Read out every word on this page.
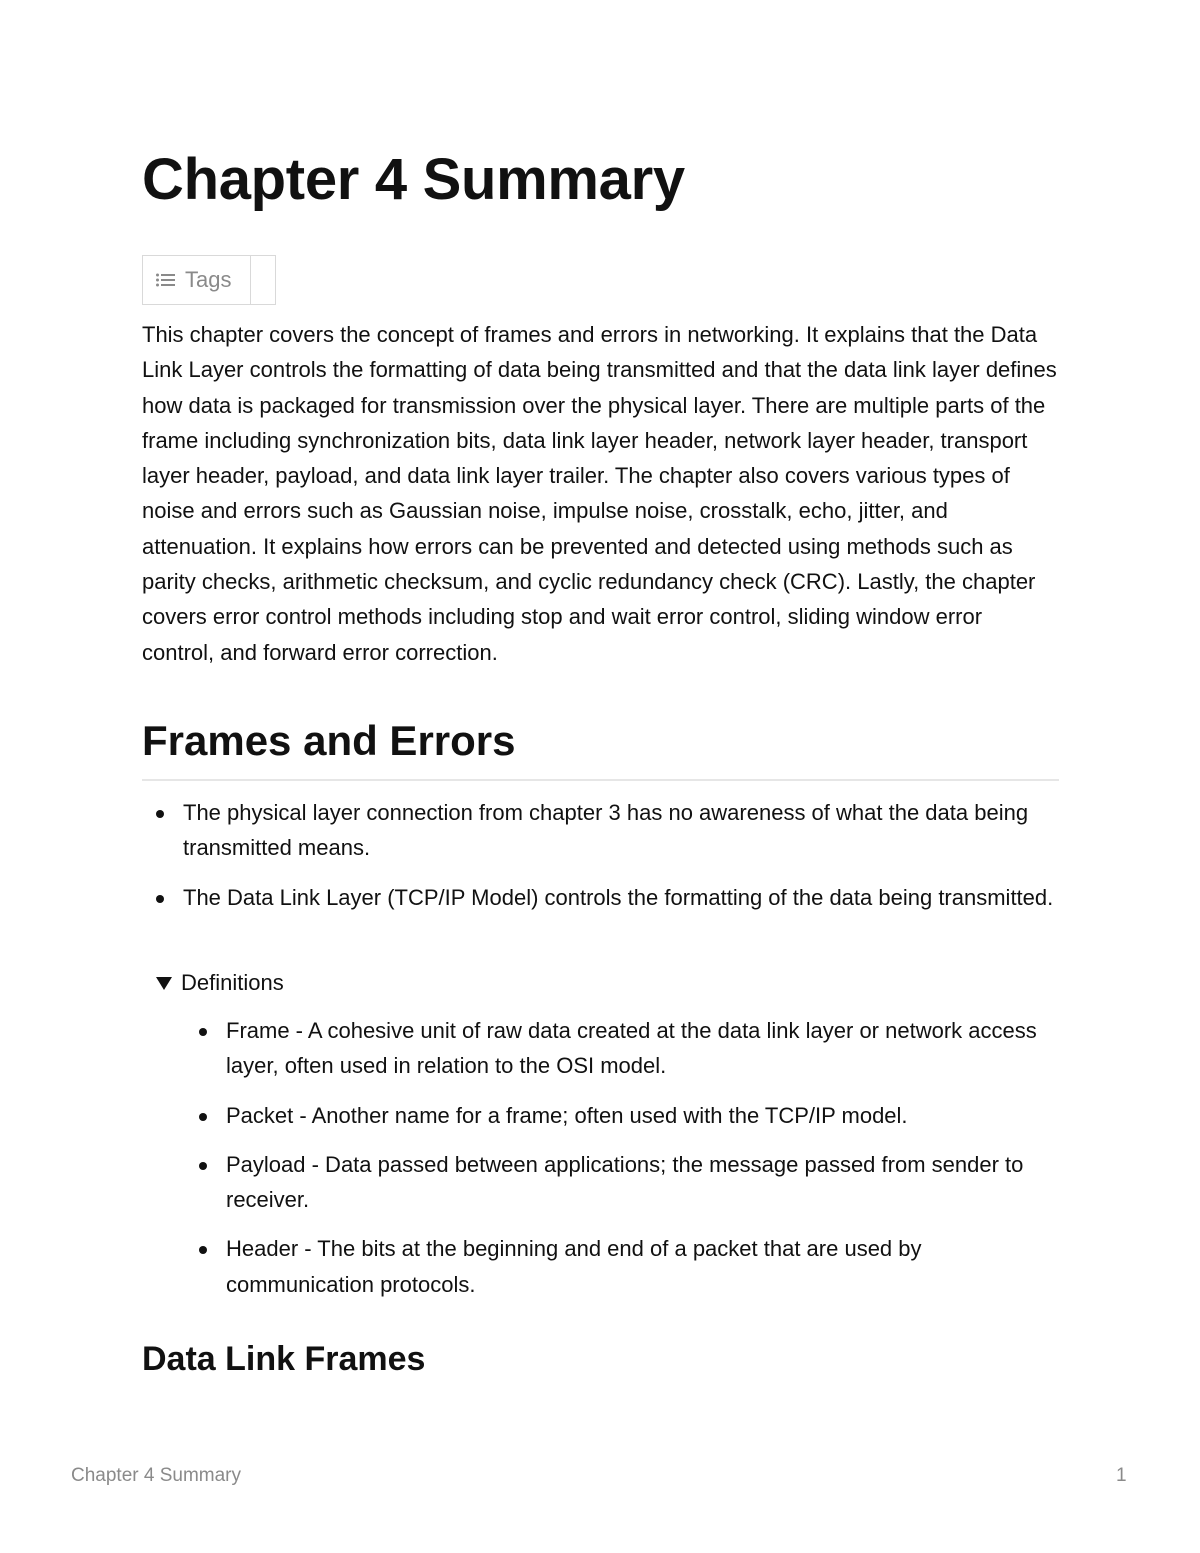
Chapter 4 Summary
Tags

This chapter covers the concept of frames and errors in networking. It explains that the Data Link Layer controls the formatting of data being transmitted and that the data link layer defines how data is packaged for transmission over the physical layer. There are multiple parts of the frame including synchronization bits, data link layer header, network layer header, transport layer header, payload, and data link layer trailer. The chapter also covers various types of noise and errors such as Gaussian noise, impulse noise, crosstalk, echo, jitter, and attenuation. It explains how errors can be prevented and detected using methods such as parity checks, arithmetic checksum, and cyclic redundancy check (CRC). Lastly, the chapter covers error control methods including stop and wait error control, sliding window error control, and forward error correction.

Frames and Errors
The physical layer connection from chapter 3 has no awareness of what the data being transmitted means.
The Data Link Layer (TCP/IP Model) controls the formatting of the data being transmitted.
Definitions
Frame - A cohesive unit of raw data created at the data link layer or network access layer, often used in relation to the OSI model.
Packet - Another name for a frame; often used with the TCP/IP model.
Payload - Data passed between applications; the message passed from sender to receiver.
Header - The bits at the beginning and end of a packet that are used by communication protocols.
Data Link Frames
Chapter 4 Summary	1
